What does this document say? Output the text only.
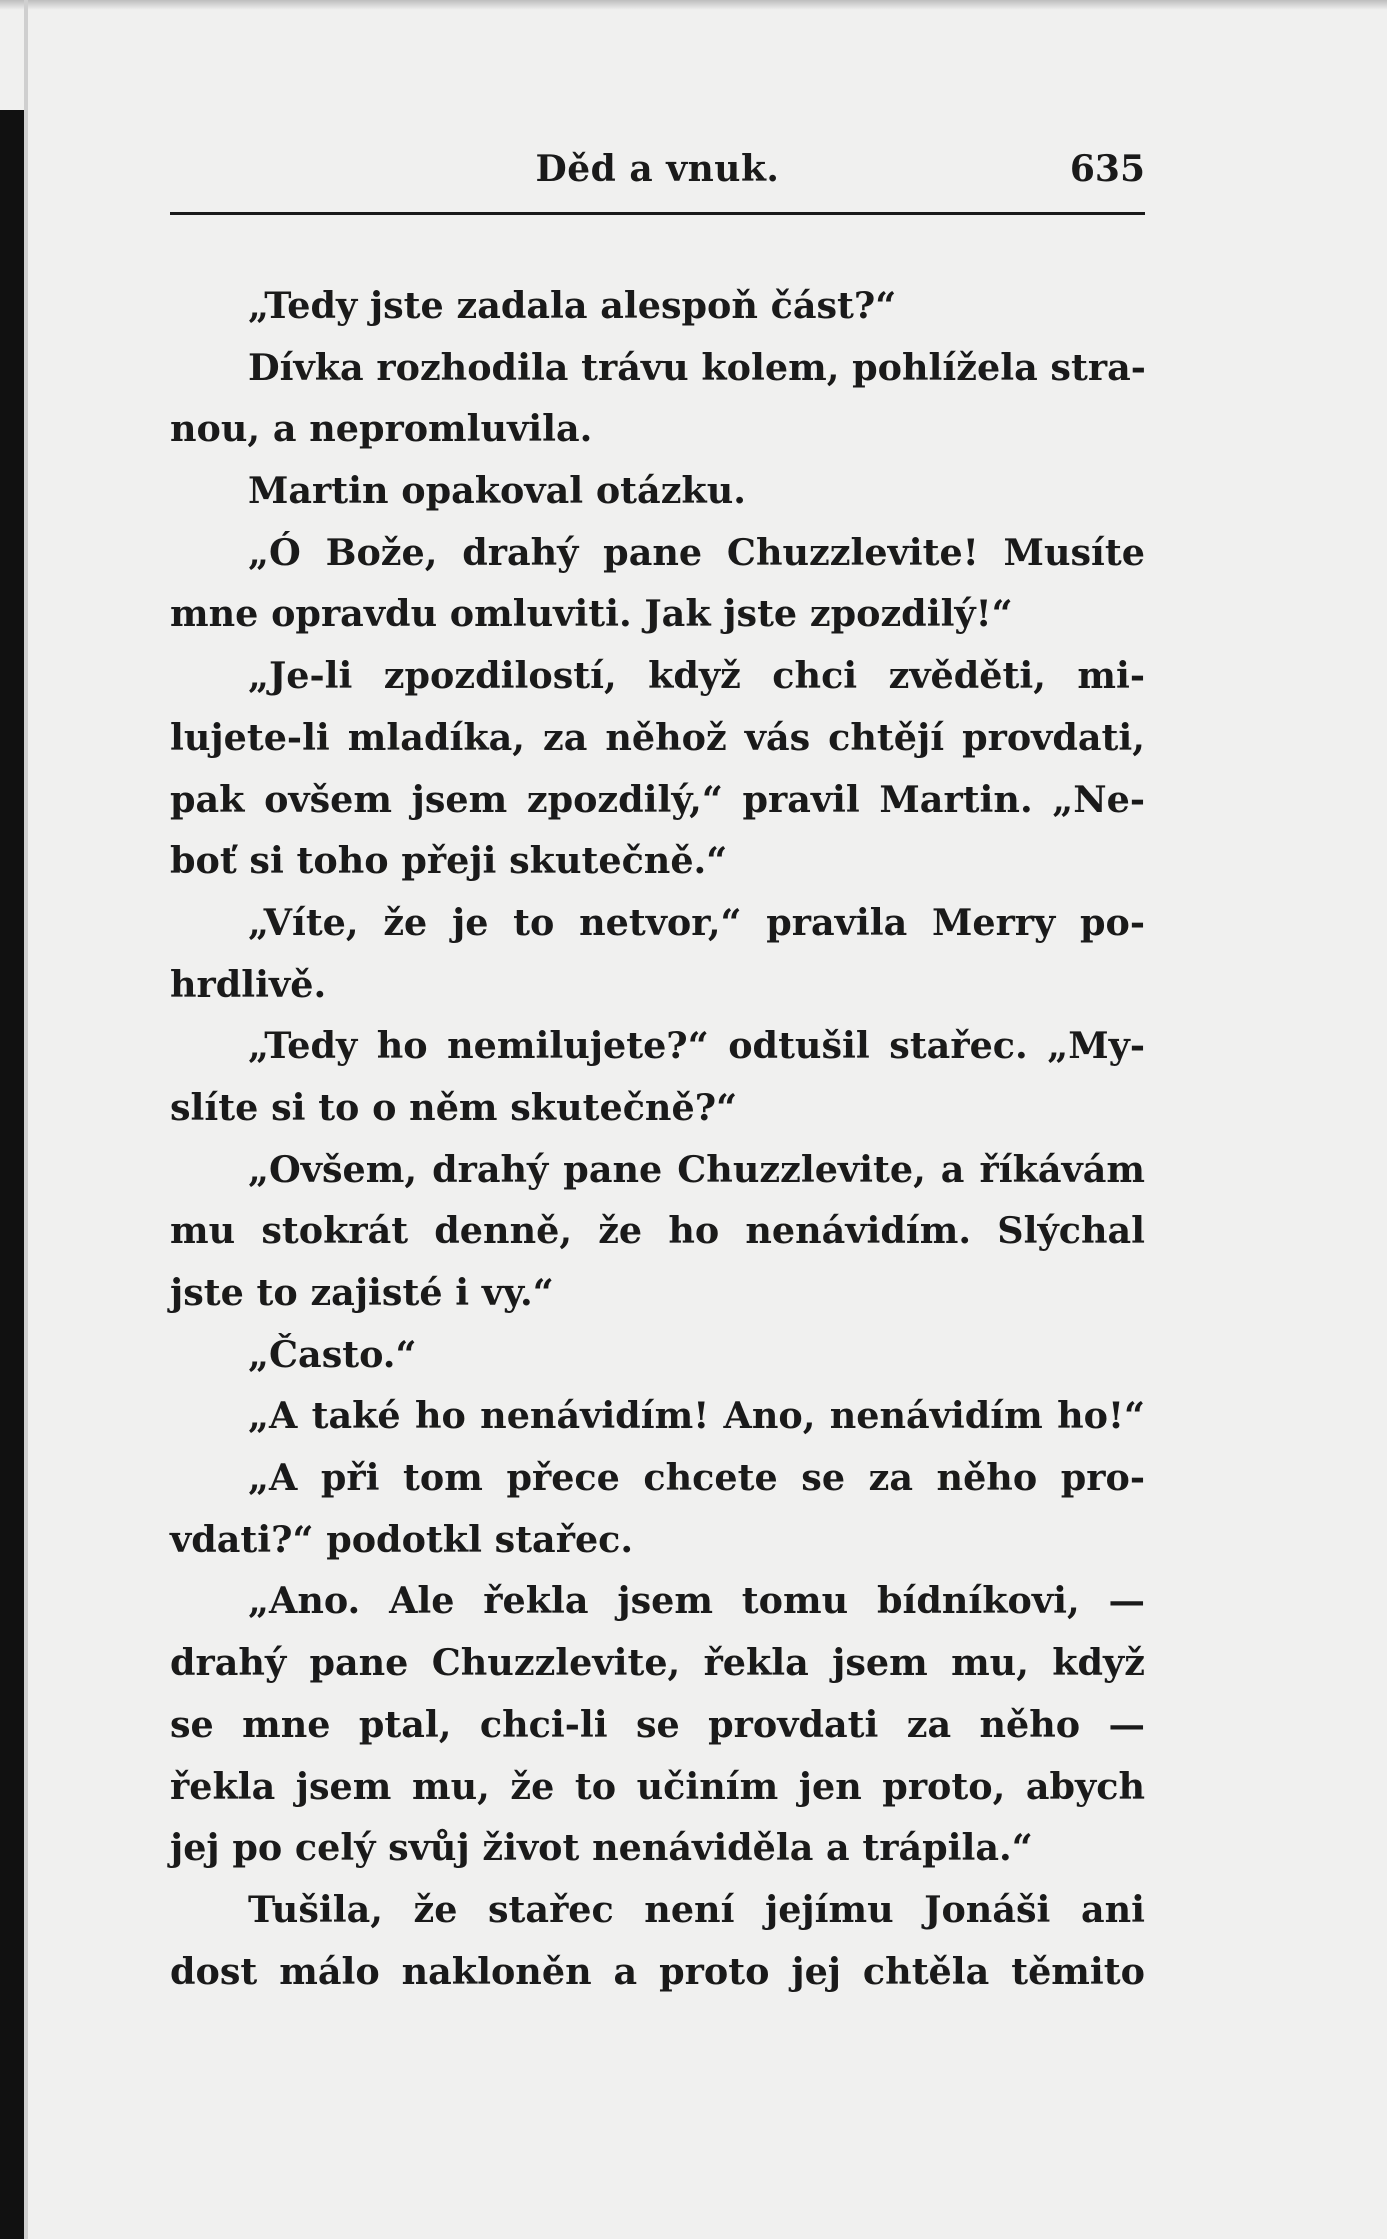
Děd a vnuk.	635
„Tedy jste zadala alespoň část?“
Dívka rozhodila trávu kolem, pohlížela stra-
nou, a nepromluvila.
Martin opakoval otázku.
„Ó Bože, drahý pane Chuzzlevite! Musíte
mne opravdu omluviti. Jak jste zpozdilý!“
„Je-li zpozdilostí, když chci zvěděti, mi-
lujete-li mladíka, za něhož vás chtějí provdati,
pak ovšem jsem zpozdilý,“ pravil Martin. „Ne-
boť si toho přeji skutečně.“
„Víte, že je to netvor,“ pravila Merry po-
hrdlivě.
„Tedy ho nemilujete?“ odtušil stařec. „My-
slíte si to o něm skutečně?“
„Ovšem, drahý pane Chuzzlevite, a říkávám
mu stokrát denně, že ho nenávidím. Slýchal
jste to zajisté i vy.“
„Často.“
„A také ho nenávidím! Ano, nenávidím ho!“
„A při tom přece chcete se za něho pro-
vdati?“ podotkl stařec.
„Ano. Ale řekla jsem tomu bídníkovi, —
drahý pane Chuzzlevite, řekla jsem mu, když
se mne ptal, chci-li se provdati za něho —
řekla jsem mu, že to učiním jen proto, abych
jej po celý svůj život nenáviděla a trápila.“
Tušila, že stařec není jejímu Jonáši ani
dost málo nakloněn a proto jej chtěla těmito
